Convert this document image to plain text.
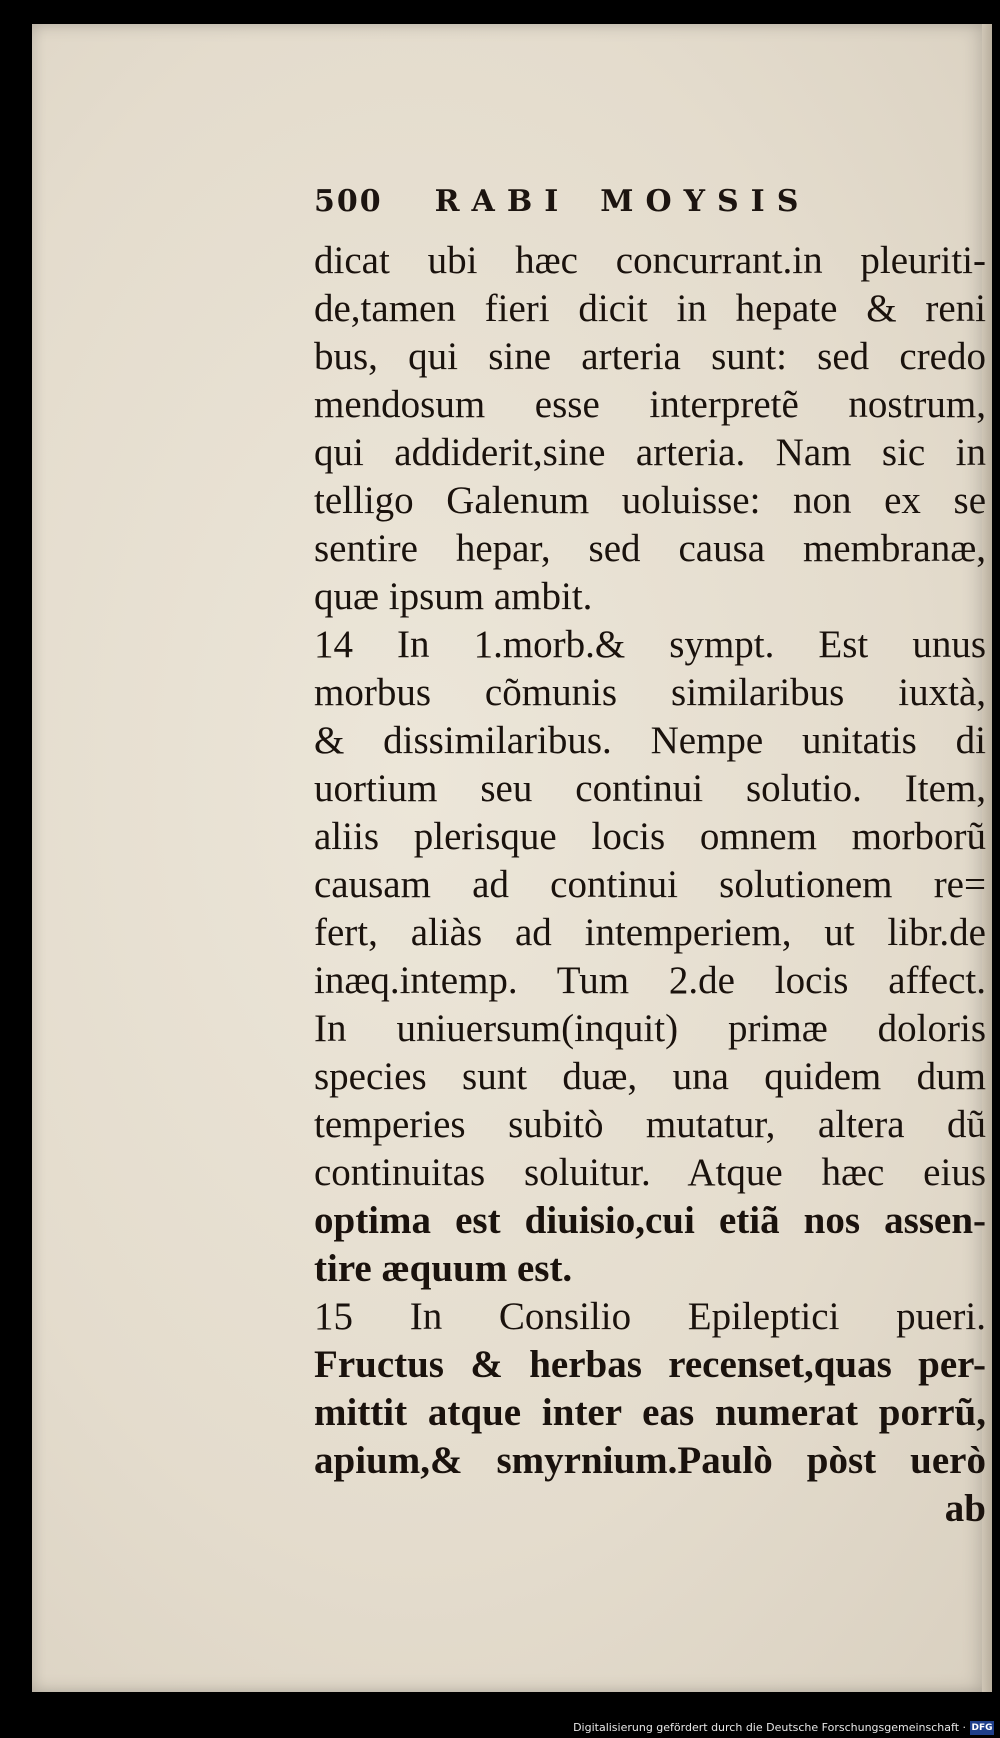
500 RABI MOYSIS
dicat ubi hæc concurrant.in pleuriti-
de,tamen fieri dicit in hepate & reni
bus, qui sine arteria sunt: sed credo
mendosum esse interpretẽ nostrum,
qui addiderit,sine arteria. Nam sic in
telligo Galenum uoluisse: non ex se
sentire hepar, sed causa membranæ,
quæ ipsum ambit.
14 In 1.morb.& sympt. Est unus
morbus cõmunis similaribus iuxtà,
& dissimilaribus. Nempe unitatis di
uortium seu continui solutio. Item,
aliis plerisque locis omnem morborũ
causam ad continui solutionem re=
fert, aliàs ad intemperiem, ut libr.de
inæq.intemp. Tum 2.de locis affect.
In uniuersum(inquit) primæ doloris
species sunt duæ, una quidem dum
temperies subitò mutatur, altera dũ
continuitas soluitur. Atque hæc eius
optima est diuisio,cui etiã nos assen-
tire æquum est.
15 In Consilio Epileptici pueri.
Fructus & herbas recenset,quas per-
mittit atque inter eas numerat porrũ,
apium,& smyrnium.Paulò pòst uerò
ab
Digitalisierung gefördert durch die Deutsche Forschungsgemeinschaft · DFG
